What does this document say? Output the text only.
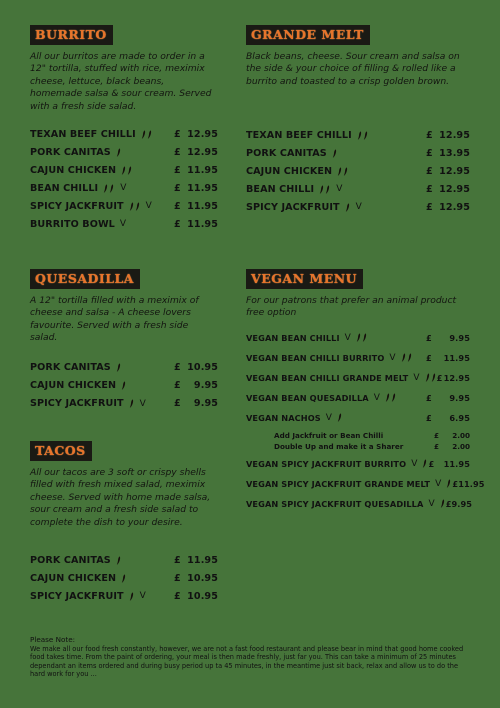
BURRITO
All our burritos are made to order in a 12" tortilla, stuffed with rice, meximix cheese, lettuce, black beans, homemade salsa & sour cream. Served with a fresh side salad.
TEXAN BEEF CHILLI	£ 12.95
PORK CANITAS	£ 12.95
CAJUN CHICKEN	£ 11.95
BEAN CHILLI V	£ 11.95
SPICY JACKFRUIT V £ 11.95
BURRITO BOWL V	£ 11.95
GRANDE MELT
Black beans, cheese. Sour cream and salsa on the side & your choice of filling & rolled like a burrito and toasted to a crisp golden brown.
TEXAN BEEF CHILLI	£ 12.95
PORK CANITAS	£ 13.95
CAJUN CHICKEN	£ 12.95
BEAN CHILLI V	£ 12.95
SPICY JACKFRUIT V	£ 12.95
QUESADILLA
A 12" tortilla filled with a meximix of cheese and salsa - A cheese lovers favourite. Served with a fresh side salad.
PORK CANITAS	£ 10.95
CAJUN CHICKEN	£ 9.95
SPICY JACKFRUIT V	£ 9.95
VEGAN MENU
For our patrons that prefer an animal product free option
VEGAN BEAN CHILLI V	£ 9.95
VEGAN BEAN CHILLI BURRITO V	£ 11.95
VEGAN BEAN CHILLI GRANDE MELT V £ 12.95
VEGAN BEAN QUESADILLA V	£ 9.95
VEGAN NACHOS V	£ 6.95
Add Jackfruit or Bean Chilli	£ 2.00
Double Up and make it a Sharer	£ 2.00
VEGAN SPICY JACKFRUIT BURRITO V £ 11.95
VEGAN SPICY JACKFRUIT GRANDE MELT V £ 11.95
VEGAN SPICY JACKFRUIT QUESADILLA V £ 9.95
TACOS
All our tacos are 3 soft or crispy shells filled with fresh mixed salad, meximix cheese. Served with home made salsa, sour cream and a fresh side salad to complete the dish to your desire.
PORK CANITAS	£ 11.95
CAJUN CHICKEN	£ 10.95
SPICY JACKFRUIT V	£ 10.95
Please Note:
We make all our food fresh constantly, however, we are not a fast food restaurant and please bear in mind that good home cooked food takes time. From the paint of ordering, your meal is then made freshly, just far you. This can take a minimum of 25 minutes dependant an items ordered and during busy period up ta 45 minutes, in the meantime just sit back, relax and allow us to do the hard work for you ...
